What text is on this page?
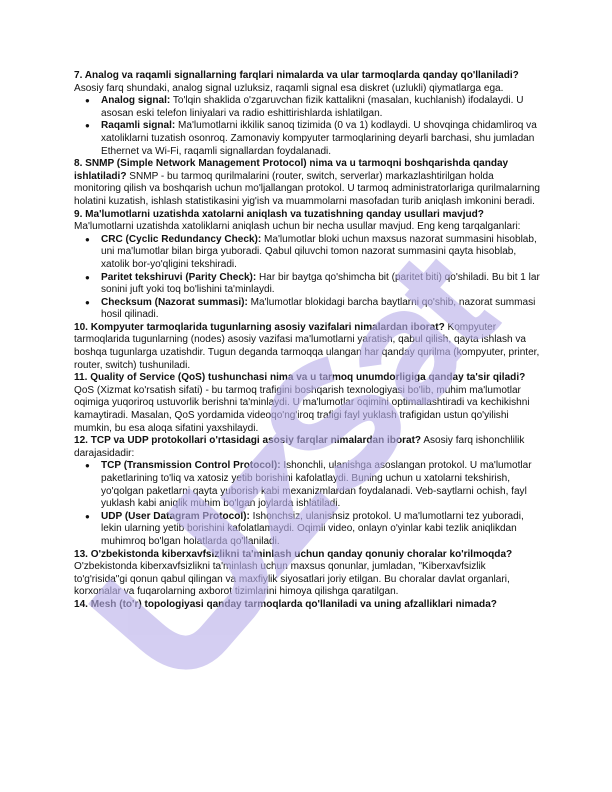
7. Analog va raqamli signallarning farqlari nimalarda va ular tarmoqlarda qanday qo'llaniladi? Asosiy farq shundaki, analog signal uzluksiz, raqamli signal esa diskret (uzlukli) qiymatlarga ega.

● Analog signal: To'lqin shaklida o'zgaruvchan fizik kattalikni (masalan, kuchlanish) ifodalaydi. U asosan eski telefon liniyalari va radio eshittirishlarda ishlatilgan.
● Raqamli signal: Ma'lumotlarni ikkilik sanoq tizimida (0 va 1) kodlaydi. U shovqinga chidamliroq va xatoliklarni tuzatish osonroq. Zamonaviy kompyuter tarmoqlarining deyarli barchasi, shu jumladan Ethernet va Wi-Fi, raqamli signallardan foydalanadi.

8. SNMP (Simple Network Management Protocol) nima va u tarmoqni boshqarishda qanday ishlatiladi? SNMP - bu tarmoq qurilmalarini (router, switch, serverlar) markazlashtirilgan holda monitoring qilish va boshqarish uchun mo'ljallangan protokol. U tarmoq administratorlariga qurilmalarning holatini kuzatish, ishlash statistikasini yig'ish va muammolarni masofadan turib aniqlash imkonini beradi.

9. Ma'lumotlarni uzatishda xatolarni aniqlash va tuzatishning qanday usullari mavjud? Ma'lumotlarni uzatishda xatoliklarni aniqlash uchun bir necha usullar mavjud. Eng keng tarqalganlari:

● CRC (Cyclic Redundancy Check): Ma'lumotlar bloki uchun maxsus nazorat summasini hisoblab, uni ma'lumotlar bilan birga yuboradi. Qabul qiluvchi tomon nazorat summasini qayta hisoblab, xatolik bor-yo'qligini tekshiradi.
● Paritet tekshiruvi (Parity Check): Har bir baytga qo'shimcha bit (paritet biti) qo'shiladi. Bu bit 1 lar sonini juft yoki toq bo'lishini ta'minlaydi.
● Checksum (Nazorat summasi): Ma'lumotlar blokidagi barcha baytlarni qo'shib, nazorat summasi hosil qilinadi.

10. Kompyuter tarmoqlarida tugunlarning asosiy vazifalari nimalardan iborat? Kompyuter tarmoqlarida tugunlarning (nodes) asosiy vazifasi ma'lumotlarni yaratish, qabul qilish, qayta ishlash va boshqa tugunlarga uzatishdir. Tugun deganda tarmoqqa ulangan har qanday qurilma (kompyuter, printer, router, switch) tushuniladi.

11. Quality of Service (QoS) tushunchasi nima va u tarmoq unumdorligiga qanday ta'sir qiladi? QoS (Xizmat ko'rsatish sifati) - bu tarmoq trafigini boshqarish texnologiyasi bo'lib, muhim ma'lumotlar oqimiga yuqoriroq ustuvorlik berishni ta'minlaydi. U ma'lumotlar oqimini optimallashtiradi va kechikishni kamaytiradi. Masalan, QoS yordamida videoqo'ng'iroq trafigi fayl yuklash trafigidan ustun qo'yilishi mumkin, bu esa aloqa sifatini yaxshilaydi.

12. TCP va UDP protokollari o'rtasidagi asosiy farqlar nimalardan iborat? Asosiy farq ishonchlilik darajasidadir:

● TCP (Transmission Control Protocol): Ishonchli, ulanishga asoslangan protokol. U ma'lumotlar paketlarining to'liq va xatosiz yetib borishini kafolatlaydi. Buning uchun u xatolarni tekshirish, yo'qolgan paketlarni qayta yuborish kabi mexanizmlardan foydalanadi. Veb-saytlarni ochish, fayl yuklash kabi aniqlik muhim bo'lgan joylarda ishlatiladi.
● UDP (User Datagram Protocol): Ishonchsiz, ulanishsiz protokol. U ma'lumotlarni tez yuboradi, lekin ularning yetib borishini kafolatlamaydi. Oqimli video, onlayn o'yinlar kabi tezlik aniqlikdan muhimroq bo'lgan holatlarda qo'llaniladi.

13. O'zbekistonda kiberxavfsizlikni ta'minlash uchun qanday qonuniy choralar ko'rilmoqda? O'zbekistonda kiberxavfsizlikni ta'minlash uchun maxsus qonunlar, jumladan, "Kiberxavfsizlik to'g'risida"gi qonun qabul qilingan va maxfiylik siyosatlari joriy etilgan. Bu choralar davlat organlari, korxonalar va fuqarolarning axborot tizimlarini himoya qilishga qaratilgan.

14. Mesh (to'r) topologiyasi qanday tarmoqlarda qo'llaniladi va uning afzalliklari nimada?
